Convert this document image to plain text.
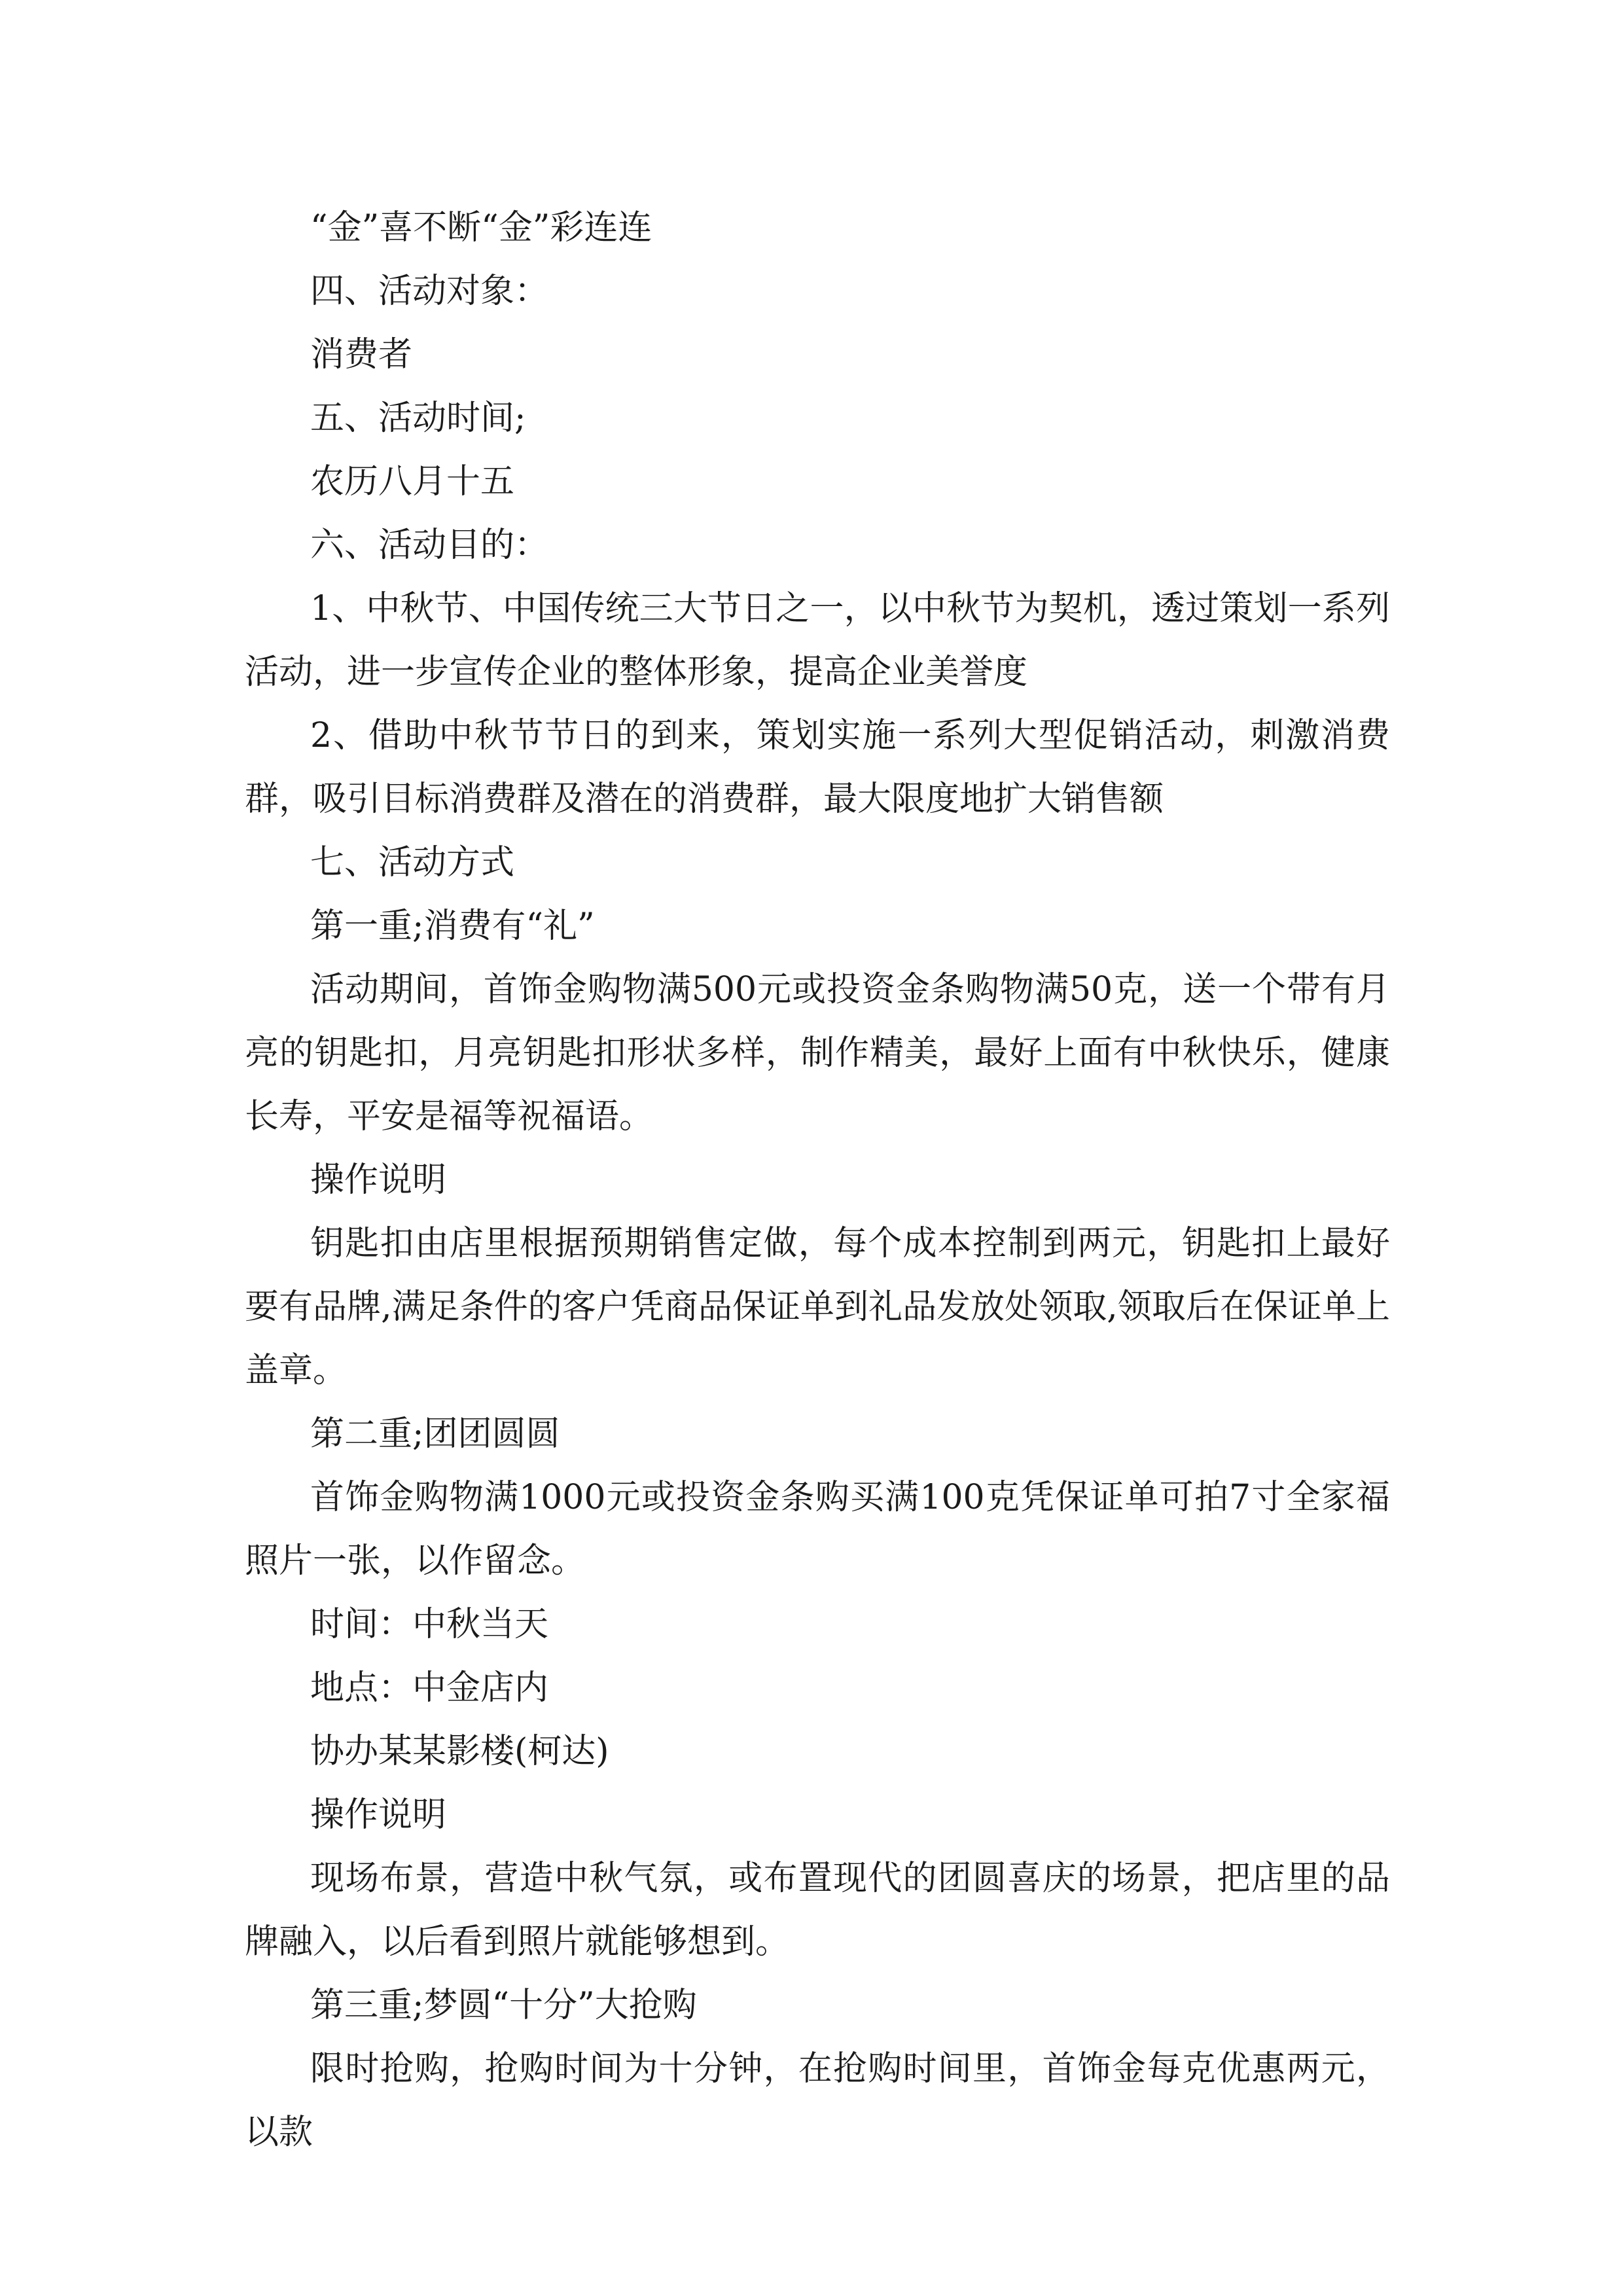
“金”喜不断“金”彩连连

四、活动对象：

消费者

五、活动时间;

农历八月十五

六、活动目的：

1、中秋节、中国传统三大节日之一，以中秋节为契机，透过策划一系列活动，进一步宣传企业的整体形象，提高企业美誉度

2、借助中秋节节日的到来，策划实施一系列大型促销活动，刺激消费群，吸引目标消费群及潜在的消费群，最大限度地扩大销售额

七、活动方式

第一重;消费有“礼”

活动期间，首饰金购物满500元或投资金条购物满50克，送一个带有月亮的钥匙扣，月亮钥匙扣形状多样，制作精美，最好上面有中秋快乐，健康长寿，平安是福等祝福语。

操作说明

钥匙扣由店里根据预期销售定做，每个成本控制到两元，钥匙扣上最好要有品牌,满足条件的客户凭商品保证单到礼品发放处领取,领取后在保证单上盖章。

第二重;团团圆圆

首饰金购物满1000元或投资金条购买满100克凭保证单可拍7寸全家福照片一张，以作留念。

时间：中秋当天

地点：中金店内

协办某某影楼(柯达)

操作说明

现场布景，营造中秋气氛，或布置现代的团圆喜庆的场景，把店里的品牌融入，以后看到照片就能够想到。

第三重;梦圆“十分”大抢购

限时抢购，抢购时间为十分钟，在抢购时间里，首饰金每克优惠两元，以款
